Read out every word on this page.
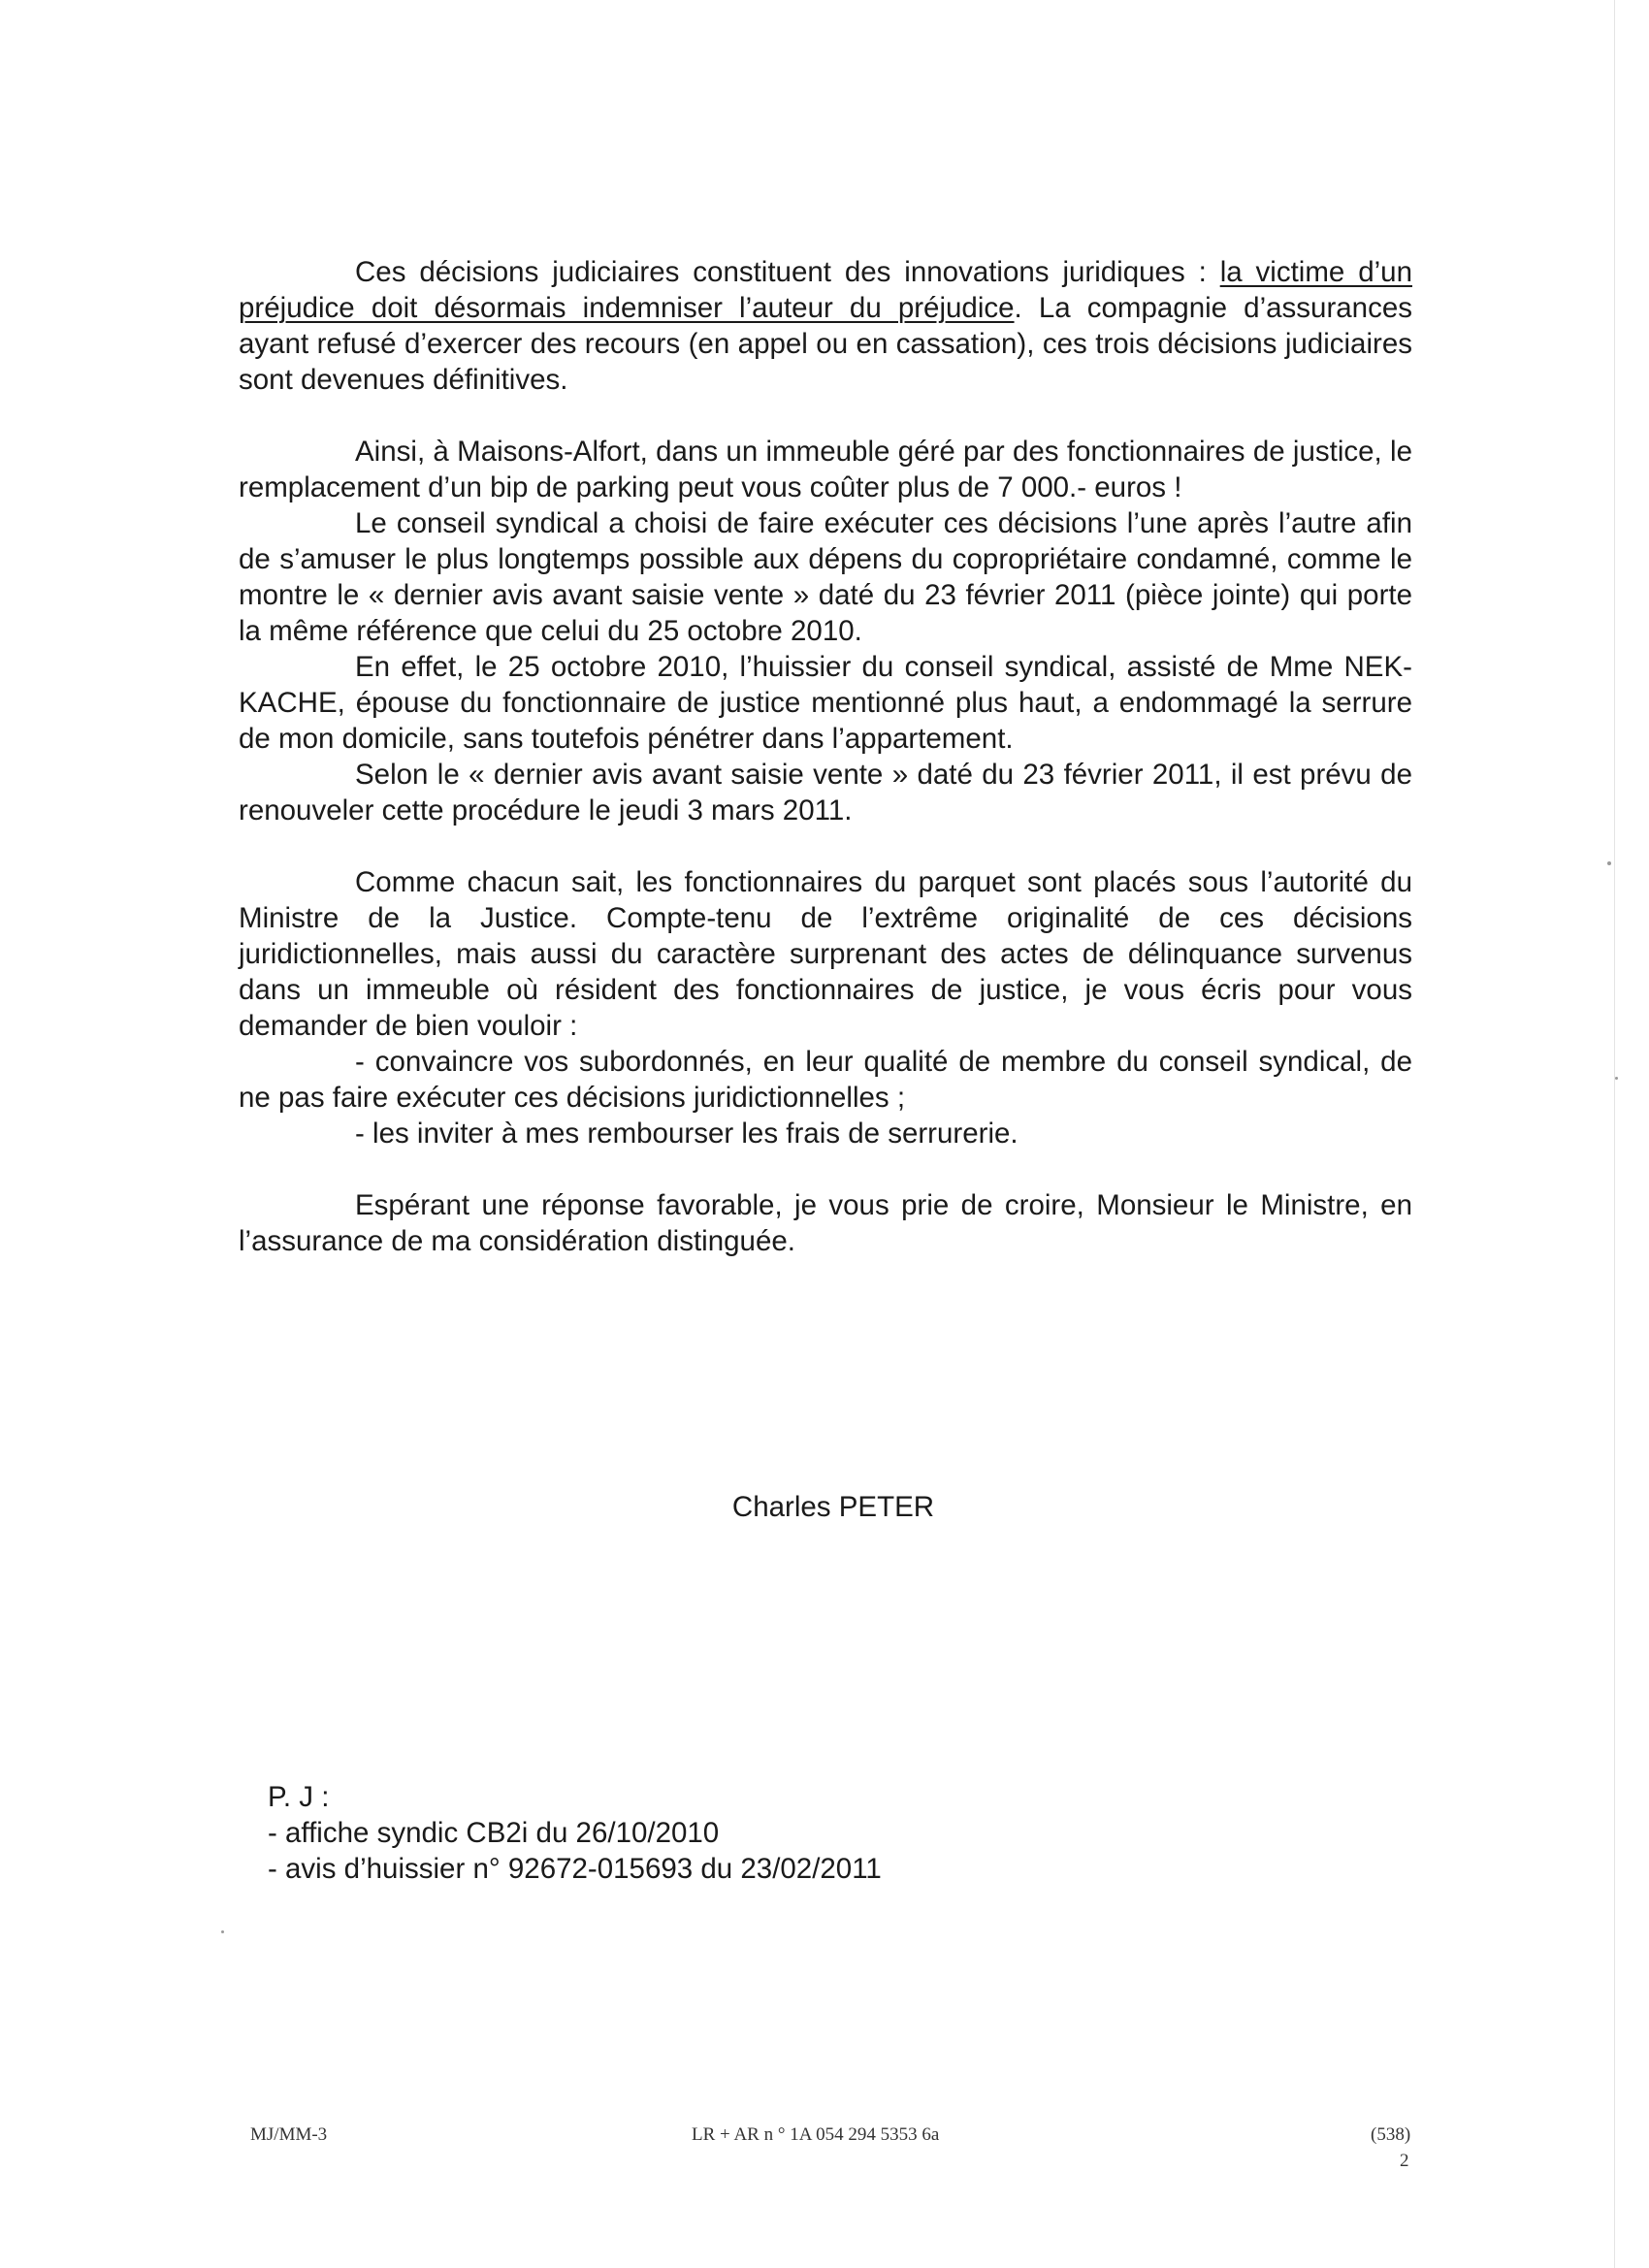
Ces décisions judiciaires constituent des innovations juridiques : la victime d’un préjudice doit désormais indemniser l’auteur du préjudice. La compagnie d’assurances ayant refusé d’exercer des recours (en appel ou en cassation), ces trois décisions judiciaires sont devenues définitives.

Ainsi, à Maisons-Alfort, dans un immeuble géré par des fonctionnaires de justice, le remplacement d’un bip de parking peut vous coûter plus de 7 000.- euros !

Le conseil syndical a choisi de faire exécuter ces décisions l’une après l’autre afin de s’amuser le plus longtemps possible aux dépens du copropriétaire condamné, comme le montre le « dernier avis avant saisie vente » daté du 23 février 2011 (pièce jointe) qui porte la même référence que celui du 25 octobre 2010.

En effet, le 25 octobre 2010, l’huissier du conseil syndical, assisté de Mme NEK-KACHE, épouse du fonctionnaire de justice mentionné plus haut, a endommagé la serrure de mon domicile, sans toutefois pénétrer dans l’appartement.

Selon le « dernier avis avant saisie vente » daté du 23 février 2011, il est prévu de renouveler cette procédure le jeudi 3 mars 2011.

Comme chacun sait, les fonctionnaires du parquet sont placés sous l’autorité du Ministre de la Justice. Compte-tenu de l’extrême originalité de ces décisions juridictionnelles, mais aussi du caractère surprenant des actes de délinquance survenus dans un immeuble où résident des fonctionnaires de justice, je vous écris pour vous demander de bien vouloir :

- convaincre vos subordonnés, en leur qualité de membre du conseil syndical, de ne pas faire exécuter ces décisions juridictionnelles ;

- les inviter à mes rembourser les frais de serrurerie.

Espérant une réponse favorable, je vous prie de croire, Monsieur le Ministre, en l’assurance de ma considération distinguée.

Charles PETER
P. J :
- affiche syndic CB2i du 26/10/2010
- avis d’huissier n° 92672-015693 du 23/02/2011
MJ/MM-3	LR + AR n ° 1A 054 294 5353 6a	(538)
2
